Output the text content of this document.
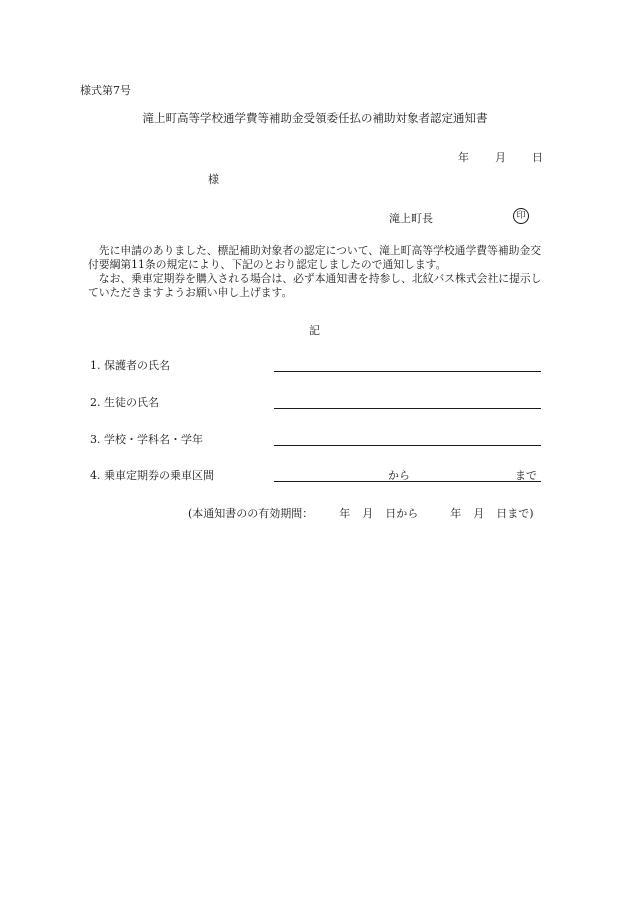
様式第7号
滝上町高等学校通学費等補助金受領委任払の補助対象者認定通知書
年 月 日
様
滝上町長	印

　先に申請のありました、標記補助対象者の認定について、滝上町高等学校通学費等補助金交付要綱第11条の規定により、下記のとおり認定しましたので通知します。

　なお、乗車定期券を購入される場合は、必ず本通知書を持参し、北紋バス株式会社に提示していただきますようお願い申し上げます。

記
1. 保護者の氏名
2. 生徒の氏名
3. 学校・学科名・学年
4. 乗車定期券の乗車区間	から	まで
(本通知書のの有効期間： 年 月 日から	年 月 日まで)
